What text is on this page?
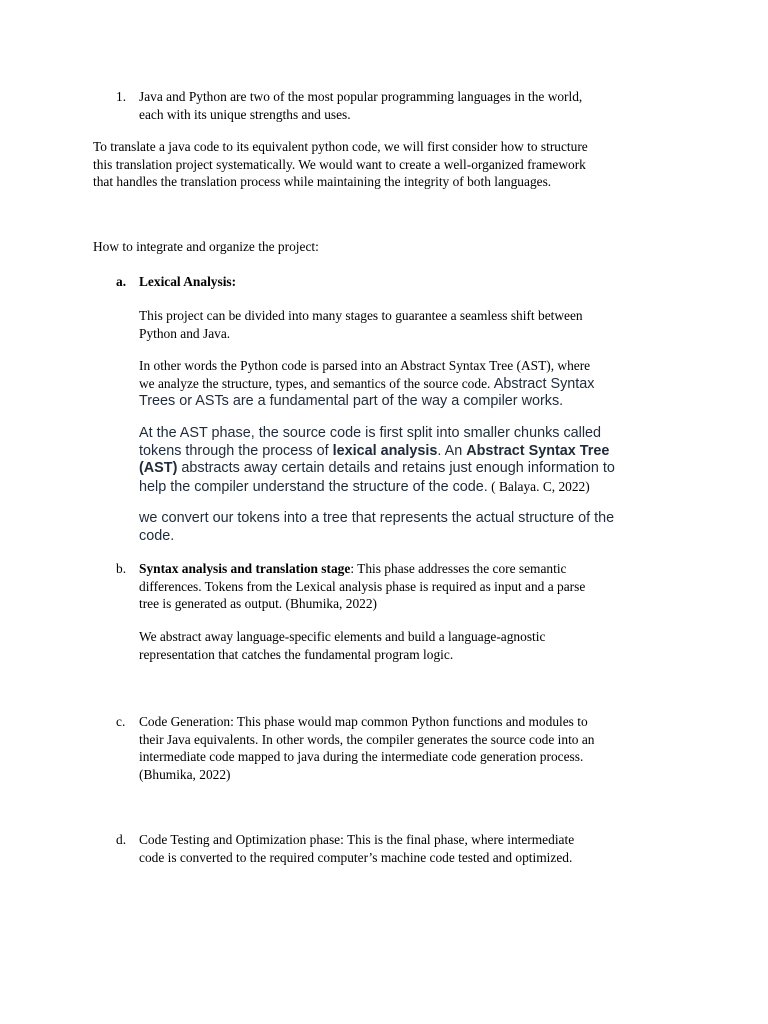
1. Java and Python are two of the most popular programming languages in the world,
each with its unique strengths and uses.
To translate a java code to its equivalent python code, we will first consider how to structure
this translation project systematically. We would want to create a well-organized framework
that handles the translation process while maintaining the integrity of both languages.
How to integrate and organize the project:
a. Lexical Analysis:
This project can be divided into many stages to guarantee a seamless shift between
Python and Java.
In other words the Python code is parsed into an Abstract Syntax Tree (AST), where
we analyze the structure, types, and semantics of the source code. Abstract Syntax
Trees or ASTs are a fundamental part of the way a compiler works.
At the AST phase, the source code is first split into smaller chunks called
tokens through the process of lexical analysis. An Abstract Syntax Tree
(AST) abstracts away certain details and retains just enough information to
help the compiler understand the structure of the code. ( Balaya. C, 2022)
we convert our tokens into a tree that represents the actual structure of the
code.
b. Syntax analysis and translation stage: This phase addresses the core semantic
differences. Tokens from the Lexical analysis phase is required as input and a parse
tree is generated as output. (Bhumika, 2022)
We abstract away language-specific elements and build a language-agnostic
representation that catches the fundamental program logic.
c. Code Generation: This phase would map common Python functions and modules to
their Java equivalents. In other words, the compiler generates the source code into an
intermediate code mapped to java during the intermediate code generation process.
(Bhumika, 2022)
d. Code Testing and Optimization phase: This is the final phase, where intermediate
code is converted to the required computer’s machine code tested and optimized.
